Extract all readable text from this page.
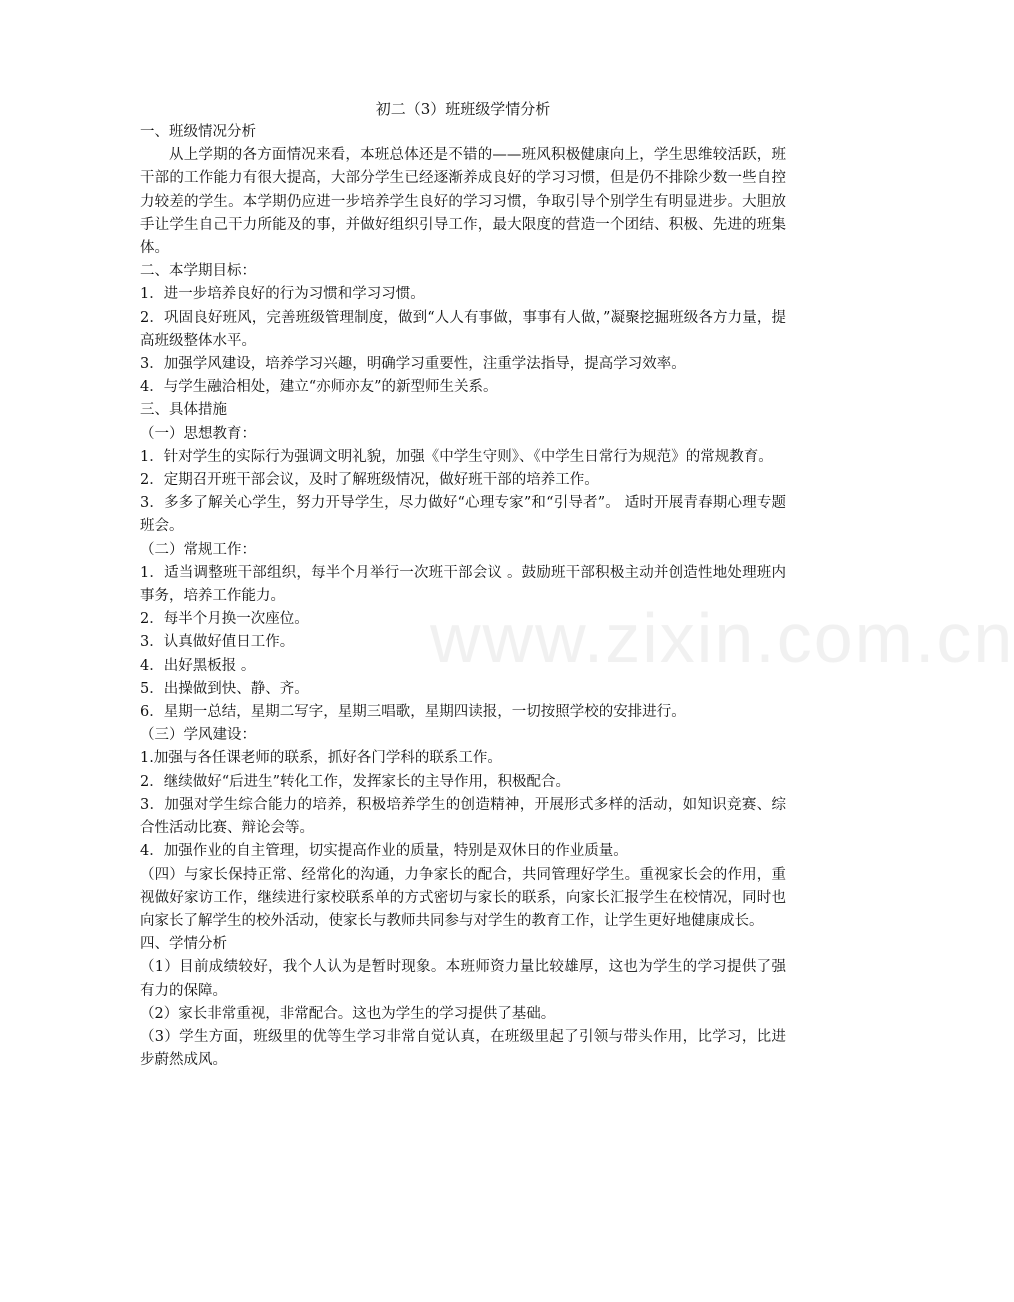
www.zixin.com.cn
初二（3）班班级学情分析

一、班级情况分析

从上学期的各方面情况来看，本班总体还是不错的——班风积极健康向上，学生思维较活跃，班干部的工作能力有很大提高，大部分学生已经逐渐养成良好的学习习惯，但是仍不排除少数一些自控力较差的学生。本学期仍应进一步培养学生良好的学习习惯，争取引导个别学生有明显进步。大胆放手让学生自己干力所能及的事，并做好组织引导工作，最大限度的营造一个团结、积极、先进的班集体。

二、本学期目标：

1．进一步培养良好的行为习惯和学习习惯。

2．巩固良好班风，完善班级管理制度，做到“人人有事做，事事有人做，”凝聚挖掘班级各方力量，提高班级整体水平。

3．加强学风建设，培养学习兴趣，明确学习重要性，注重学法指导，提高学习效率。

4．与学生融洽相处，建立“亦师亦友”的新型师生关系。

三、具体措施

（一）思想教育：

1．针对学生的实际行为强调文明礼貌，加强《中学生守则》、《中学生日常行为规范》的常规教育。

2．定期召开班干部会议，及时了解班级情况，做好班干部的培养工作。

3．多多了解关心学生，努力开导学生，尽力做好“心理专家”和“引导者”。 适时开展青春期心理专题班会。

（二）常规工作：

1．适当调整班干部组织，每半个月举行一次班干部会议 。鼓励班干部积极主动并创造性地处理班内事务，培养工作能力。

2．每半个月换一次座位。

3．认真做好值日工作。

4．出好黑板报 。

5．出操做到快、静、齐。

6．星期一总结，星期二写字，星期三唱歌，星期四读报，一切按照学校的安排进行。

（三）学风建设：

1.加强与各任课老师的联系，抓好各门学科的联系工作。

2．继续做好“后进生”转化工作，发挥家长的主导作用，积极配合。

3．加强对学生综合能力的培养，积极培养学生的创造精神，开展形式多样的活动，如知识竞赛、综合性活动比赛、辩论会等。

4．加强作业的自主管理，切实提高作业的质量，特别是双休日的作业质量。

（四）与家长保持正常、经常化的沟通，力争家长的配合，共同管理好学生。重视家长会的作用，重视做好家访工作，继续进行家校联系单的方式密切与家长的联系，向家长汇报学生在校情况，同时也向家长了解学生的校外活动，使家长与教师共同参与对学生的教育工作，让学生更好地健康成长。

四、学情分析

（1）目前成绩较好，我个人认为是暂时现象。本班师资力量比较雄厚，这也为学生的学习提供了强有力的保障。

（2）家长非常重视，非常配合。这也为学生的学习提供了基础。

（3）学生方面，班级里的优等生学习非常自觉认真，在班级里起了引领与带头作用，比学习，比进步蔚然成风。
